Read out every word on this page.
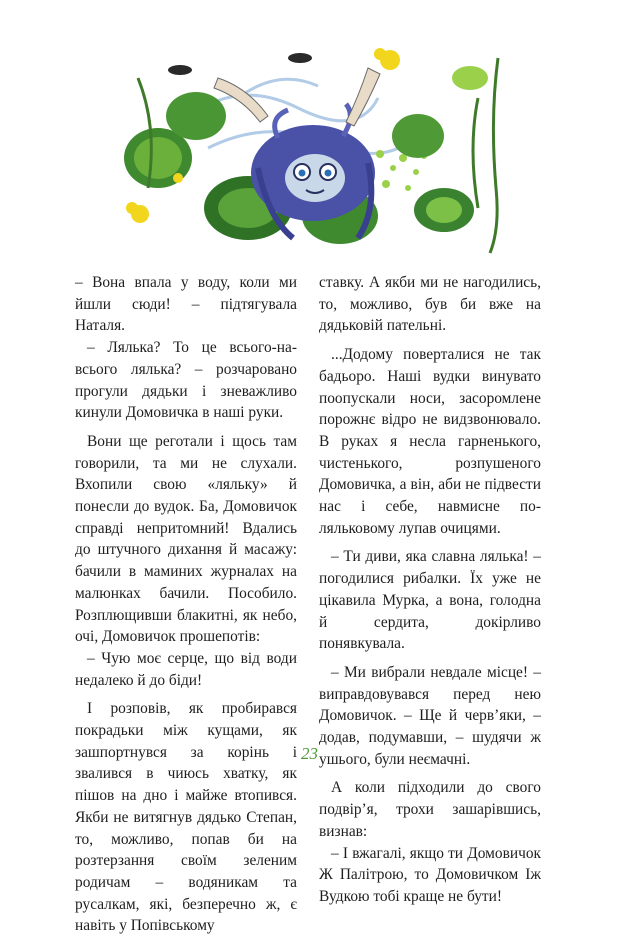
– Вона впала у воду, коли ми йшли сюди! – підтягувала Наталя.

– Лялька? То це всього-на-всього лялька? – розчаровано прогули дядьки і зневажливо кинули Домовичка в наші руки.

Вони ще реготали і щось там говорили, та ми не слухали. Вхопили свою «ляльку» й понесли до вудок. Ба, Домовичок справді непритомний! Вдались до штучного дихання й масажу: бачили в маминих журналах на малюнках бачили. Пособило. Розплющивши блакитні, як небо, очі, Домовичок прошепотів:

– Чую моє серце, що від води недалеко й до біди!

І розповів, як пробирався покрадьки між кущами, як зашпортнувся за корінь і звалився в чиюсь хватку, як пішов на дно і майже втопився. Якби не витягнув дядько Степан, то, можливо, попав би на розтерзання своїм зеленим родичам – водяникам та русалкам, які, безперечно ж, є навіть у Попівському

ставку. А якби ми не нагодились, то, можливо, був би вже на дядьковій пательні.

...Додому поверталися не так бадьоро. Наші вудки винувато поопускали носи, засоромлене порожнє відро не видзвонювало. В руках я несла гарненького, чистенького, розпушеного Домовичка, а він, аби не підвести нас і себе, навмисне по-ляльковому лупав очицями.

– Ти диви, яка славна лялька! – погодилися рибалки. Їх уже не цікавила Мурка, а вона, голодна й сердита, докірливо понявкувала.

– Ми вибрали невдале місце! – виправдовувався перед нею Домовичок. – Ще й черв’яки, – додав, подумавши, – шудячи ж ушього, були неємачні.

А коли підходили до свого подвір’я, трохи зашарівшись, визнав:

– І вжагалі, якщо ти Домовичок Ж Палітрою, то Домовичком Іж Вудкою тобі краще не бути!

23
